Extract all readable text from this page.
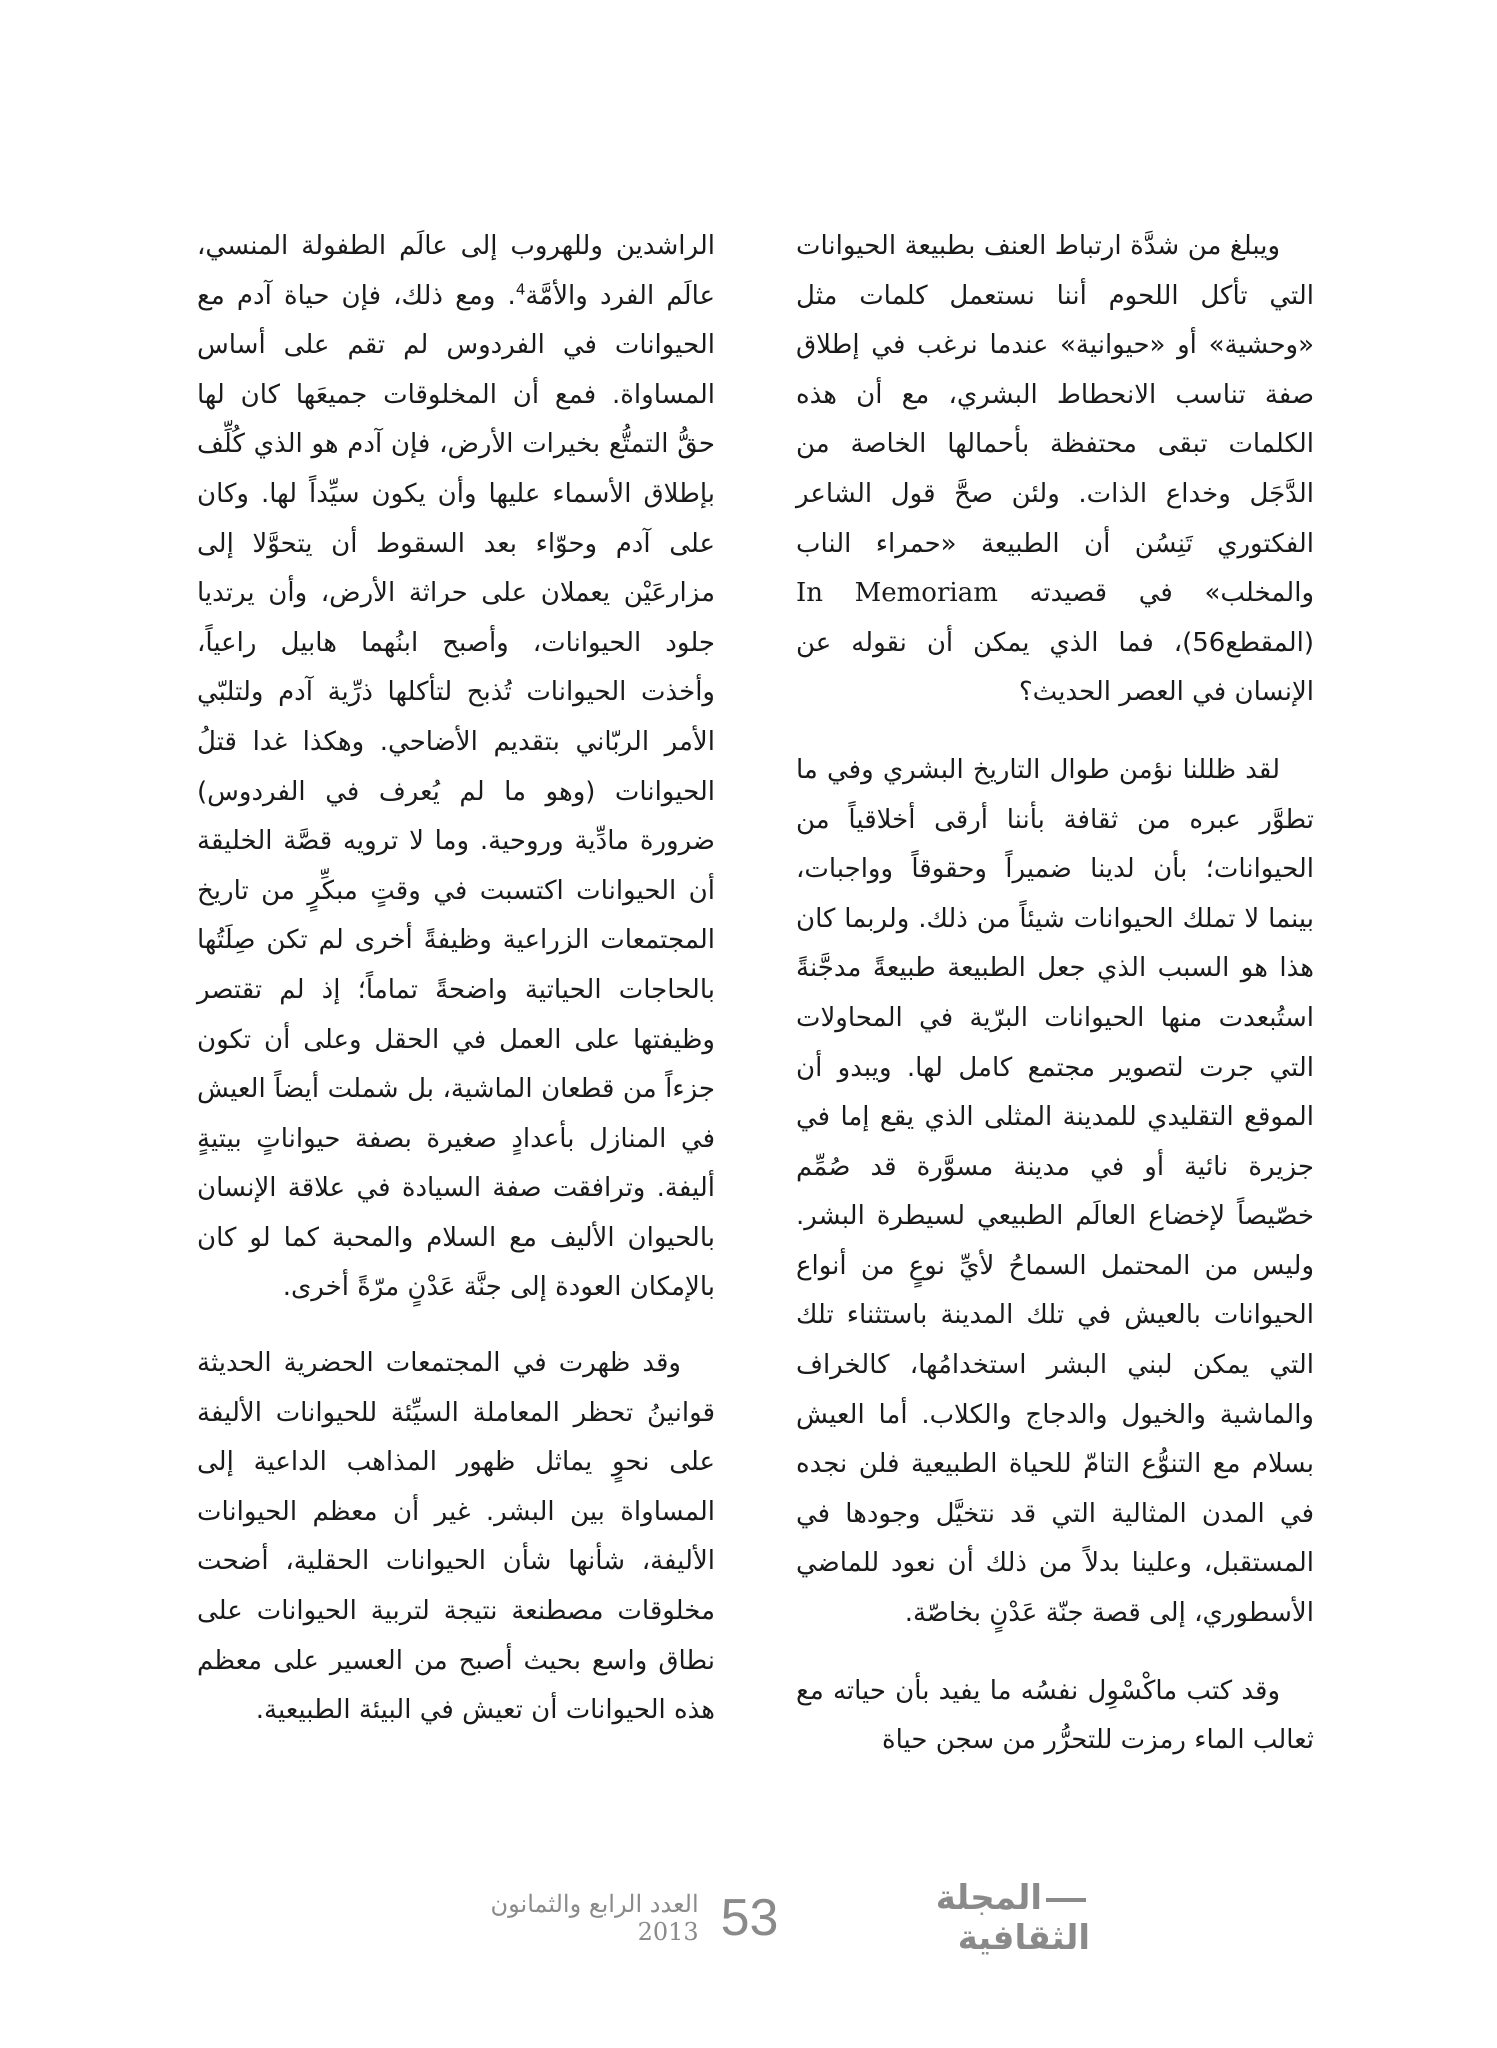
ويبلغ من شدَّة ارتباط العنف بطبيعة الحيوانات التي تأكل اللحوم أننا نستعمل كلمات مثل «وحشية» أو «حيوانية» عندما نرغب في إطلاق صفة تناسب الانحطاط البشري، مع أن هذه الكلمات تبقى محتفظة بأحمالها الخاصة من الدَّجَل وخداع الذات. ولئن صحَّ قول الشاعر الفكتوري تَنِسُن أن الطبيعة «حمراء الناب والمخلب» في قصيدته In Memoriam (المقطع56)، فما الذي يمكن أن نقوله عن الإنسان في العصر الحديث؟

لقد ظللنا نؤمن طوال التاريخ البشري وفي ما تطوَّر عبره من ثقافة بأننا أرقى أخلاقياً من الحيوانات؛ بأن لدينا ضميراً وحقوقاً وواجبات، بينما لا تملك الحيوانات شيئاً من ذلك. ولربما كان هذا هو السبب الذي جعل الطبيعة طبيعةً مدجَّنةً استُبعدت منها الحيوانات البرّية في المحاولات التي جرت لتصوير مجتمع كامل لها. ويبدو أن الموقع التقليدي للمدينة المثلى الذي يقع إما في جزيرة نائية أو في مدينة مسوَّرة قد صُمِّم خصّيصاً لإخضاع العالَم الطبيعي لسيطرة البشر. وليس من المحتمل السماحُ لأيِّ نوعٍ من أنواع الحيوانات بالعيش في تلك المدينة باستثناء تلك التي يمكن لبني البشر استخدامُها، كالخراف والماشية والخيول والدجاج والكلاب. أما العيش بسلام مع التنوُّع التامّ للحياة الطبيعية فلن نجده في المدن المثالية التي قد نتخيَّل وجودها في المستقبل، وعلينا بدلاً من ذلك أن نعود للماضي الأسطوري، إلى قصة جنّة عَدْنٍ بخاصّة.

وقد كتب ماكْسْوِل نفسُه ما يفيد بأن حياته مع ثعالب الماء رمزت للتحرُّر من سجن حياة

الراشدين وللهروب إلى عالَم الطفولة المنسي، عالَم الفرد والأمَّة$^4$. ومع ذلك، فإن حياة آدم مع الحيوانات في الفردوس لم تقم على أساس المساواة. فمع أن المخلوقات جميعَها كان لها حقُّ التمتُّع بخيرات الأرض، فإن آدم هو الذي كُلِّف بإطلاق الأسماء عليها وأن يكون سيِّداً لها. وكان على آدم وحوّاء بعد السقوط أن يتحوَّلا إلى مزارعَيْن يعملان على حراثة الأرض، وأن يرتديا جلود الحيوانات، وأصبح ابنُهما هابيل راعياً، وأخذت الحيوانات تُذبح لتأكلها ذرِّية آدم ولتلبّي الأمر الربّاني بتقديم الأضاحي. وهكذا غدا قتلُ الحيوانات (وهو ما لم يُعرف في الفردوس) ضرورة مادِّية وروحية. وما لا ترويه قصَّة الخليقة أن الحيوانات اكتسبت في وقتٍ مبكِّرٍ من تاريخ المجتمعات الزراعية وظيفةً أخرى لم تكن صِلَتُها بالحاجات الحياتية واضحةً تماماً؛ إذ لم تقتصر وظيفتها على العمل في الحقل وعلى أن تكون جزءاً من قطعان الماشية، بل شملت أيضاً العيش في المنازل بأعدادٍ صغيرة بصفة حيواناتٍ بيتيةٍ أليفة. وترافقت صفة السيادة في علاقة الإنسان بالحيوان الأليف مع السلام والمحبة كما لو كان بالإمكان العودة إلى جنَّة عَدْنٍ مرّةً أخرى.

وقد ظهرت في المجتمعات الحضرية الحديثة قوانينُ تحظر المعاملة السيِّئة للحيوانات الأليفة على نحوٍ يماثل ظهور المذاهب الداعية إلى المساواة بين البشر. غير أن معظم الحيوانات الأليفة، شأنها شأن الحيوانات الحقلية، أضحت مخلوقات مصطنعة نتيجة لتربية الحيوانات على نطاق واسع بحيث أصبح من العسير على معظم هذه الحيوانات أن تعيش في البيئة الطبيعية.

المجلة الثقافية
53
العدد الرابع والثمانون 2013
